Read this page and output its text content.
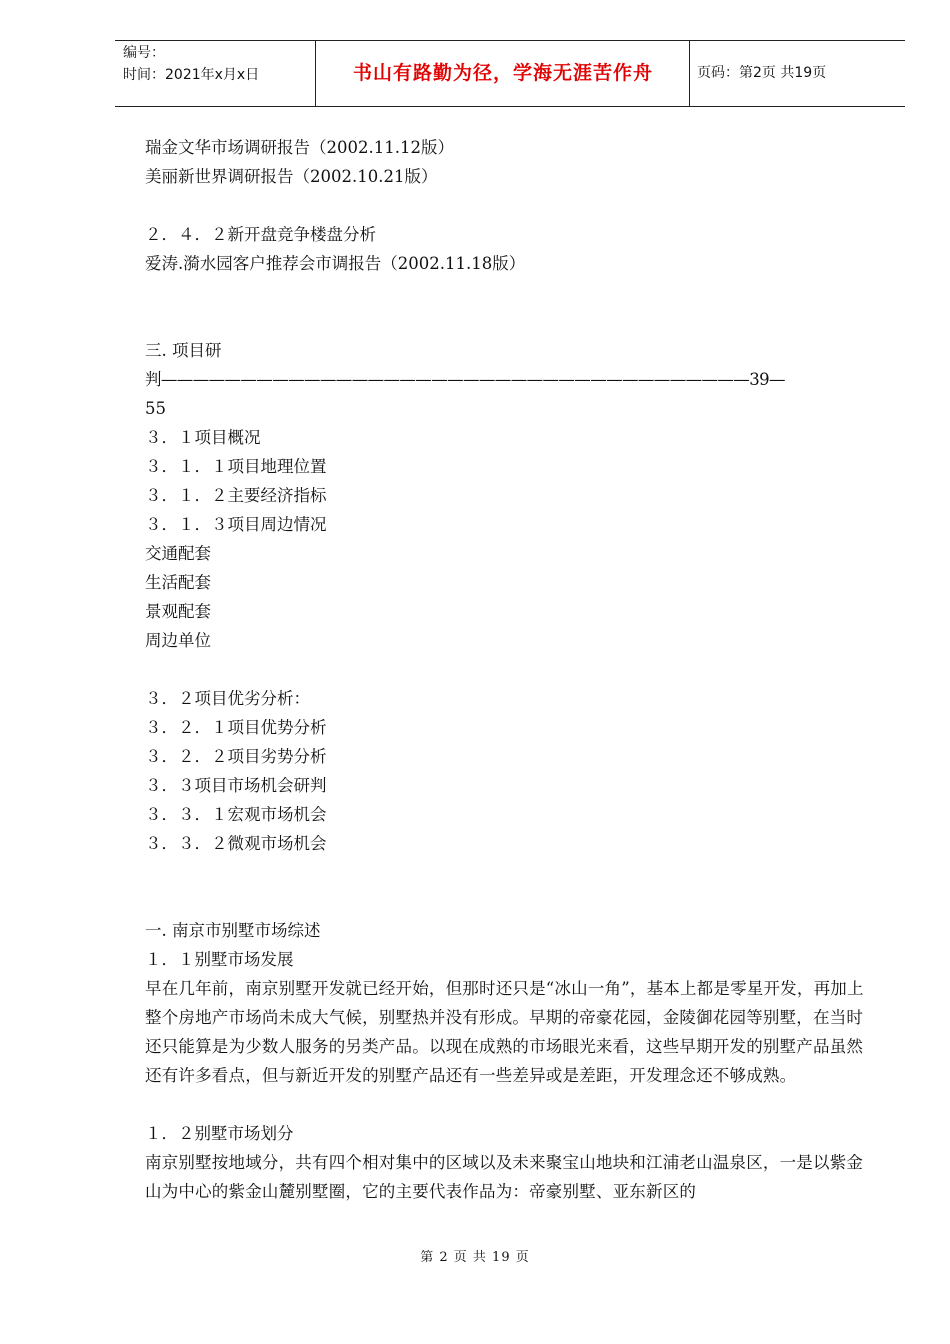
编号：
时间：2021年x月x日	书山有路勤为径，学海无涯苦作舟	页码：第2页 共19页
瑞金文华市场调研报告（2002.11.12版）
美丽新世界调研报告（2002.10.21版）
２．４．２新开盘竞争楼盘分析
爱涛.漪水园客户推荐会市调报告（2002.11.18版）
三. 项目研
判—————————————————————————————————————39—
55
３．１项目概况
３．１．１项目地理位置
３．１．２主要经济指标
３．１．３项目周边情况
交通配套
生活配套
景观配套
周边单位
３．２项目优劣分析：
３．２．１项目优势分析
３．２．２项目劣势分析
３．３项目市场机会研判
３．３．１宏观市场机会
３．３．２微观市场机会
一. 南京市别墅市场综述
１．１别墅市场发展
早在几年前，南京别墅开发就已经开始，但那时还只是“冰山一角”，基本上都是零星开发，再加上整个房地产市场尚未成大气候，别墅热并没有形成。早期的帝豪花园，金陵御花园等别墅，在当时还只能算是为少数人服务的另类产品。以现在成熟的市场眼光来看，这些早期开发的别墅产品虽然还有许多看点，但与新近开发的别墅产品还有一些差异或是差距，开发理念还不够成熟。
１．２别墅市场划分
南京别墅按地域分，共有四个相对集中的区域以及未来聚宝山地块和江浦老山温泉区，一是以紫金山为中心的紫金山麓别墅圈，它的主要代表作品为：帝豪别墅、亚东新区的
第 2 页 共 19 页
